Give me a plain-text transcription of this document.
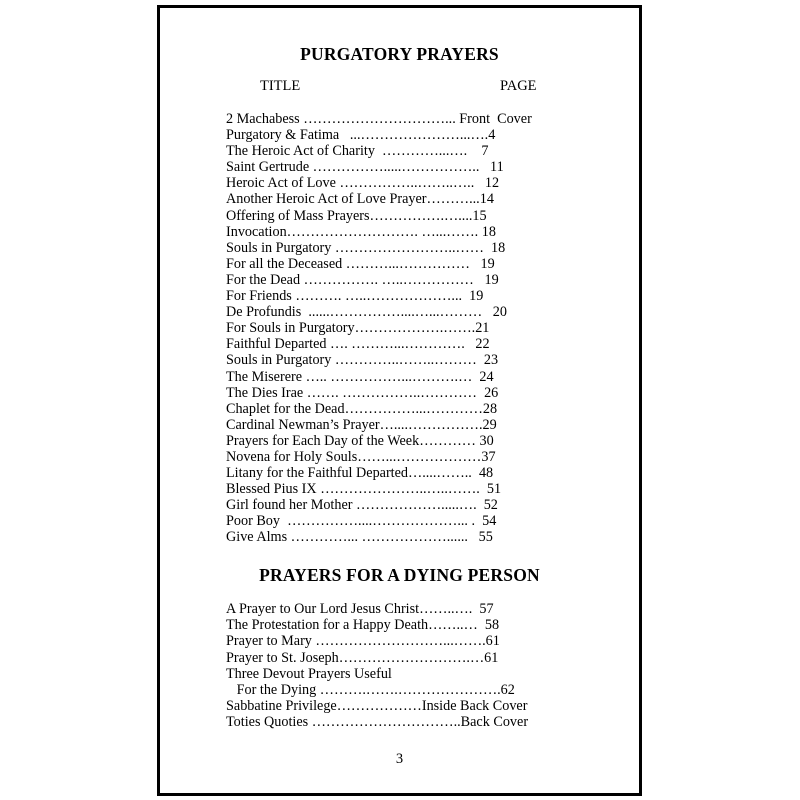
PURGATORY PRAYERS
TITLE	PAGE
2 Machabess …………………………... Front  Cover
Purgatory & Fatima   ...…………………...….4
The Heroic Act of Charity  …………...….    7
Saint Gertrude …………….....……………..   11
Heroic Act of Love ……………..……..…..   12
Another Heroic Act of Love Prayer………...14
Offering of Mass Prayers…………….…....15
Invocation………………………. …...……. 18
Souls in Purgatory ……………………..……  18
For all the Deceased ………...……………   19
For the Dead ……………. …..……………   19
For Friends ………. …..………………...  19
De Profundis  ......……………....…...………   20
For Souls in Purgatory……………….…….21
Faithful Departed …. ………...………….   22
Souls in Purgatory …………..……..………  23
The Miserere ….. ……………...……….…  24
The Dies Irae ……. ……………..…………  26
Chaplet for the Dead……………...…………28
Cardinal Newman’s Prayer…....…………….29
Prayers for Each Day of the Week………… 30
Novena for Holy Souls……...………………37
Litany for the Faithful Departed…....……..  48
Blessed Pius IX …………………..…..…….  51
Girl found her Mother ……………….....….  52
Poor Boy  ……………....………………... .  54
Give Alms …………... ………………......   55
PRAYERS FOR A DYING PERSON
A Prayer to Our Lord Jesus Christ……..….  57
The Protestation for a Happy Death……..…  58
Prayer to Mary ………………………...…….61
Prayer to St. Joseph……………………….…61
Three Devout Prayers Useful
For the Dying ……….…….………………….62
Sabbatine Privilege………………Inside Back Cover
Toties Quoties …………………………..Back Cover
3
